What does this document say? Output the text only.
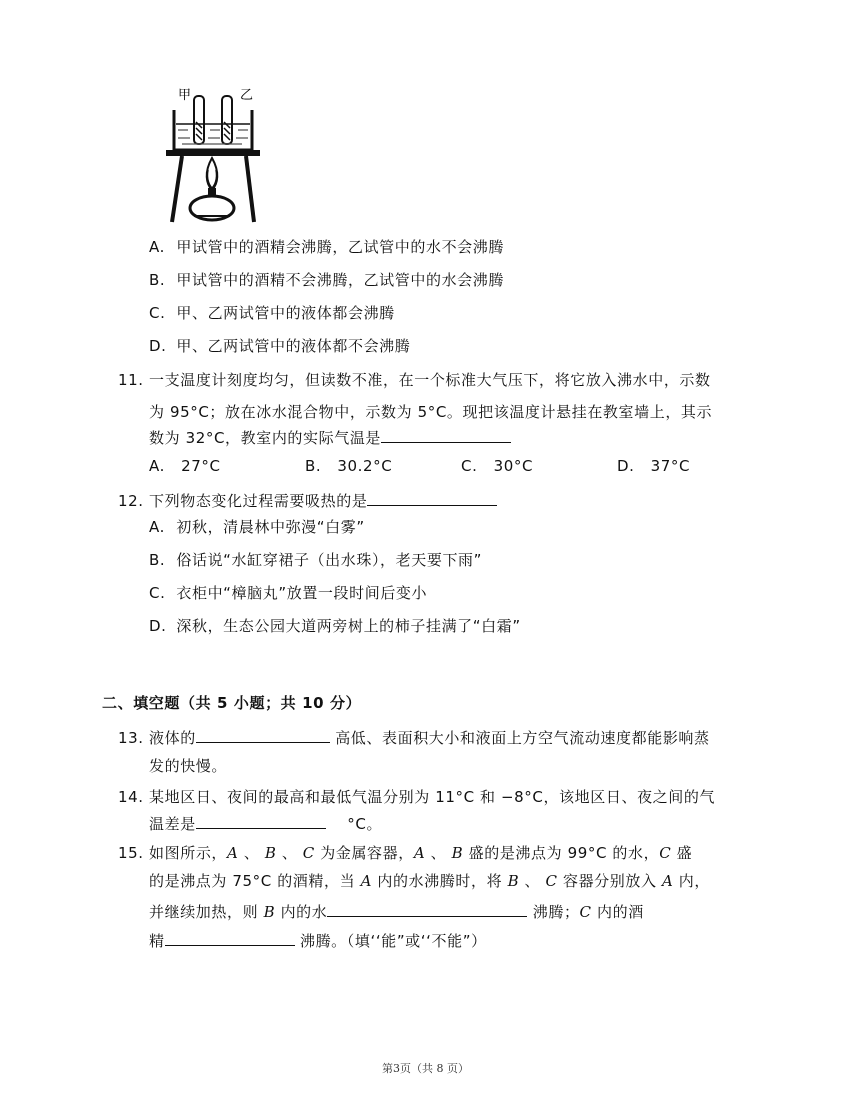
甲	乙
A. 甲试管中的酒精会沸腾，乙试管中的水不会沸腾
B. 甲试管中的酒精不会沸腾，乙试管中的水会沸腾
C. 甲、乙两试管中的液体都会沸腾
D. 甲、乙两试管中的液体都不会沸腾
11. 一支温度计刻度均匀，但读数不准，在一个标准大气压下，将它放入沸水中，示数
为 95°C；放在冰水混合物中，示数为 5°C。现把该温度计悬挂在教室墙上，其示
数为 32°C，教室内的实际气温是
A. 27°C	B. 30.2°C	C. 30°C	D. 37°C
12. 下列物态变化过程需要吸热的是
A. 初秋，清晨林中弥漫“白雾”
B. 俗话说“水缸穿裙子（出水珠），老天要下雨”
C. 衣柜中“樟脑丸”放置一段时间后变小
D. 深秋，生态公园大道两旁树上的柿子挂满了“白霜”
二、填空题（共 5 小题；共 10 分）
13. 液体的	高低、表面积大小和液面上方空气流动速度都能影响蒸
发的快慢。
14. 某地区日、夜间的最高和最低气温分别为 11°C 和 −8°C，该地区日、夜之间的气
温差是	°C。
15. 如图所示，A 、 B 、 C 为金属容器，A 、 B 盛的是沸点为 99°C 的水，C 盛
的是沸点为 75°C 的酒精，当 A 内的水沸腾时，将 B 、 C 容器分别放入 A 内，
并继续加热，则 B 内的水	沸腾；C 内的酒
精	沸腾。（填‘‘能”或‘‘不能”）
第3页（共 8 页）
